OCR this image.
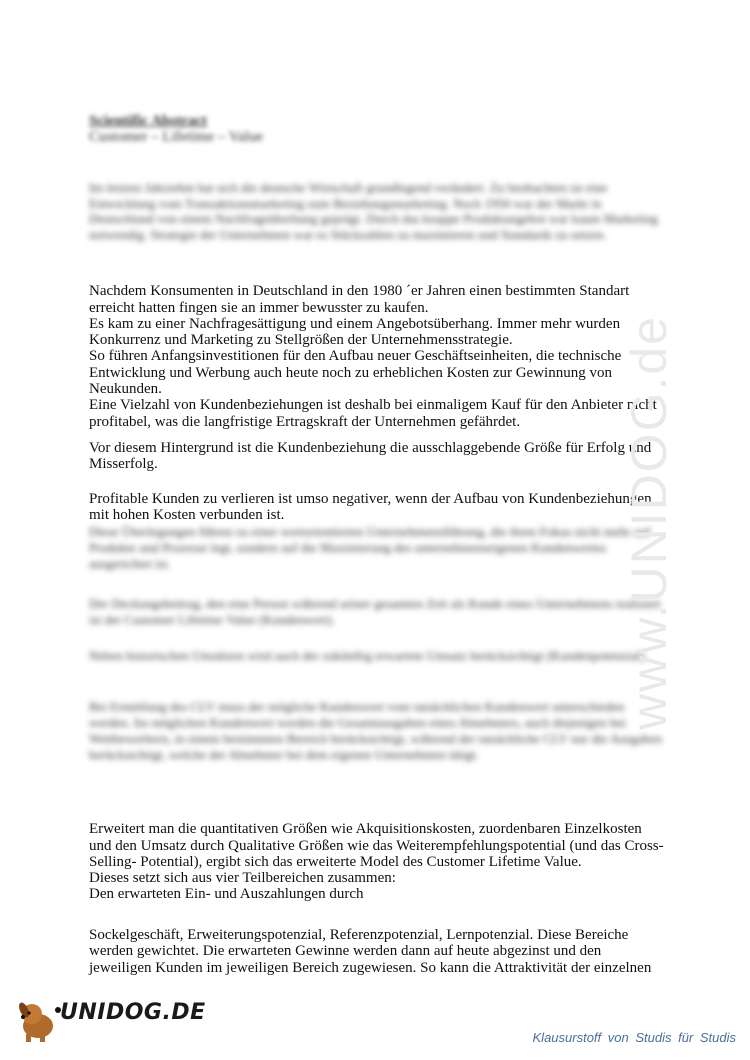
Scientific Abstract

Customer – Lifetime – Value

Im letzten Jahrzehnt hat sich die deutsche Wirtschaft grundlegend verändert. Zu beobachten ist eine Entwicklung vom Transaktionsmarketing zum Beziehungsmarketing. Noch 1950 war der Markt in Deutschland von einem Nachfrageüberhang geprägt. Durch das knappe Produktangebot war kaum Marketing notwendig. Strategie der Unternehmen war es Stückzahlen zu maximieren und Standards zu setzen.

Nachdem Konsumenten in Deutschland in den 1980 ´er Jahren einen bestimmten Standart erreicht hatten fingen sie an immer bewusster zu kaufen.
Es kam zu einer Nachfragesättigung und einem Angebotsüberhang. Immer mehr wurden Konkurrenz und Marketing zu Stellgrößen der Unternehmensstrategie.
So führen Anfangsinvestitionen für den Aufbau neuer Geschäftseinheiten, die technische Entwicklung und Werbung auch heute noch zu erheblichen Kosten zur Gewinnung von Neukunden.
Eine Vielzahl von Kundenbeziehungen ist deshalb bei einmaligem Kauf für den Anbieter nicht profitabel, was die langfristige Ertragskraft der Unternehmen gefährdet.

Vor diesem Hintergrund ist die Kundenbeziehung die ausschlaggebende Größe für Erfolg und Misserfolg.

Profitable Kunden zu verlieren ist umso negativer, wenn der Aufbau von Kundenbeziehungen mit hohen Kosten verbunden ist.

Diese Überlegungen führen zu einer wertorientierten Unternehmensführung, die ihren Fokus nicht mehr auf Produkte und Prozesse legt, sondern auf die Maximierung des unternehmenseigenen Kundenwertes ausgerichtet ist.

Der Deckungsbeitrag, den eine Person während seiner gesamten Zeit als Kunde eines Unternehmens realisiert ist der Customer Lifetime Value (Kundenwert).

Neben historischen Umsätzen wird auch der zukünftig erwartete Umsatz berücksichtigt (Kundenpotenzial).

Bei Ermittlung des CLV muss der mögliche Kundenwert vom tatsächlichen Kundenwert unterschieden werden. Im möglichen Kundenwert werden die Gesamtausgaben eines Abnehmers, auch diejenigen bei Wettbewerbern, in einem bestimmten Bereich berücksichtigt, während der tatsächliche CLV nur die Ausgaben berücksichtigt, welche der Abnehmer bei dem eigenen Unternehmen tätigt.

Erweitert man die quantitativen Größen wie Akquisitionskosten, zuordenbaren Einzelkosten und den Umsatz durch Qualitative Größen wie das Weiterempfehlungspotential (und das Cross-Selling- Potential), ergibt sich das erweiterte Model des Customer Lifetime Value.
Dieses setzt sich aus vier Teilbereichen zusammen:
Den erwarteten Ein- und Auszahlungen durch

Sockelgeschäft, Erweiterungspotenzial, Referenzpotenzial, Lernpotenzial. Diese Bereiche werden gewichtet. Die erwarteten Gewinne werden dann auf heute abgezinst und den jeweiligen Kunden im jeweiligen Bereich zugewiesen. So kann die Attraktivität der einzelnen

www.UNIDOG.de
UNIDOG.DE
Klausurstoff von Studis für Studis
